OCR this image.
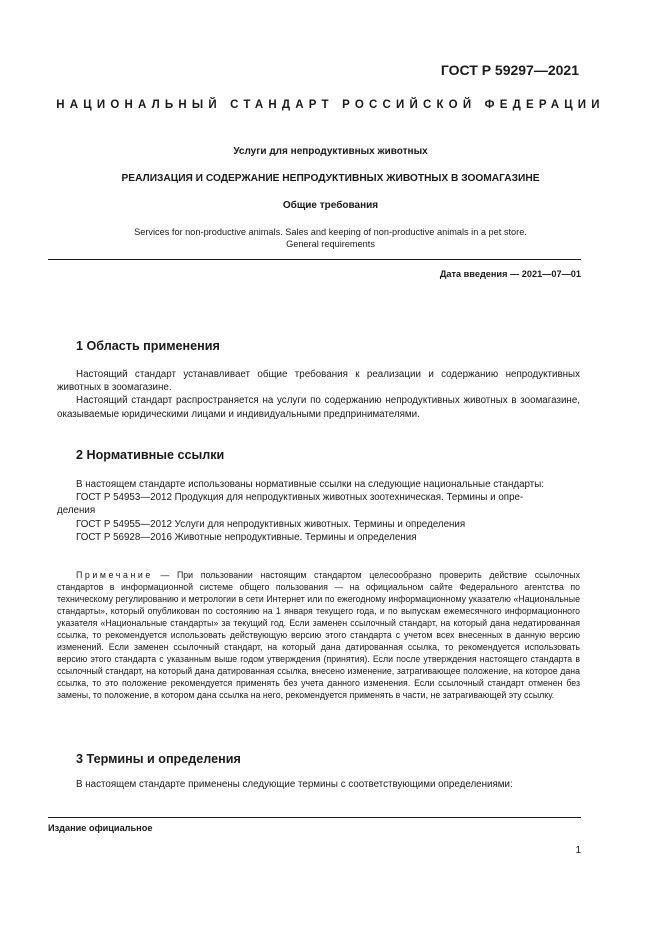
ГОСТ Р 59297—2021
НАЦИОНАЛЬНЫЙ СТАНДАРТ РОССИЙСКОЙ ФЕДЕРАЦИИ
Услуги для непродуктивных животных
РЕАЛИЗАЦИЯ И СОДЕРЖАНИЕ НЕПРОДУКТИВНЫХ ЖИВОТНЫХ В ЗООМАГАЗИНЕ
Общие требования
Services for non-productive animals. Sales and keeping of non-productive animals in a pet store.
General requirements
Дата введения — 2021—07—01
1 Область применения
Настоящий стандарт устанавливает общие требования к реализации и содержанию непродуктивных животных в зоомагазине.
Настоящий стандарт распространяется на услуги по содержанию непродуктивных животных в зоомагазине, оказываемые юридическими лицами и индивидуальными предпринимателями.
2 Нормативные ссылки
В настоящем стандарте использованы нормативные ссылки на следующие национальные стандарты:
ГОСТ Р 54953—2012 Продукция для непродуктивных животных зоотехническая. Термины и опре-
деления
ГОСТ Р 54955—2012 Услуги для непродуктивных животных. Термины и определения
ГОСТ Р 56928—2016 Животные непродуктивные. Термины и определения
Примечание — При пользовании настоящим стандартом целесообразно проверить действие ссылочных стандартов в информационной системе общего пользования — на официальном сайте Федерального агентства по техническому регулированию и метрологии в сети Интернет или по ежегодному информационному указателю «Национальные стандарты», который опубликован по состоянию на 1 января текущего года, и по выпускам ежемесячного информационного указателя «Национальные стандарты» за текущий год. Если заменен ссылочный стандарт, на который дана недатированная ссылка, то рекомендуется использовать действующую версию этого стандарта с учетом всех внесенных в данную версию изменений. Если заменен ссылочный стандарт, на который дана датированная ссылка, то рекомендуется использовать версию этого стандарта с указанным выше годом утверждения (принятия). Если после утверждения настоящего стандарта в ссылочный стандарт, на который дана датированная ссылка, внесено изменение, затрагивающее положение, на которое дана ссылка, то это положение рекомендуется применять без учета данного изменения. Если ссылочный стандарт отменен без замены, то положение, в котором дана ссылка на него, рекомендуется применять в части, не затрагивающей эту ссылку.
3 Термины и определения
В настоящем стандарте применены следующие термины с соответствующими определениями:
Издание официальное
1
